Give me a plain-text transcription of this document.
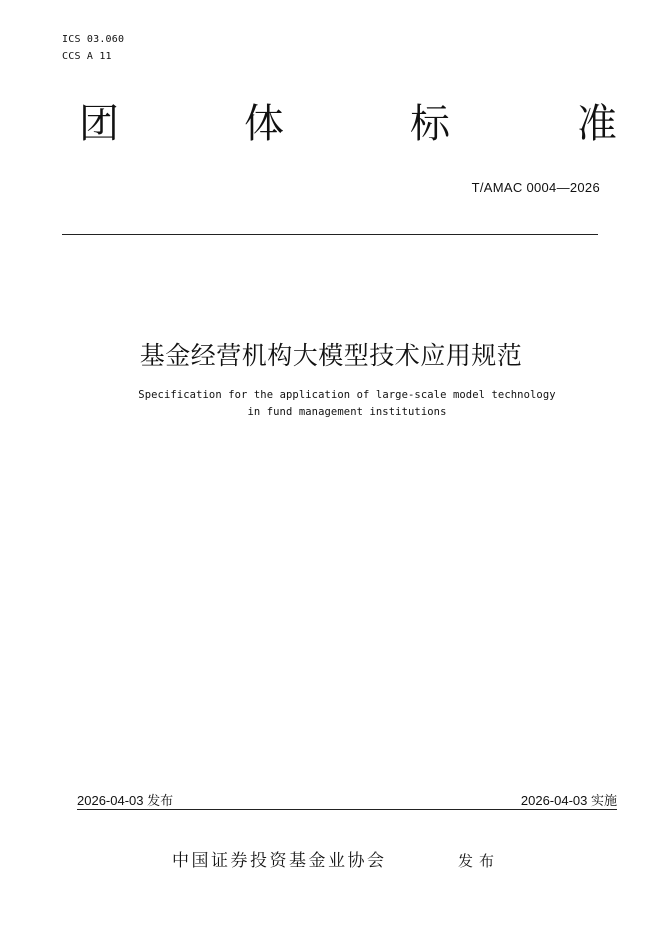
ICS 03.060
CCS A 11
团	体	标	准
T/AMAC 0004—2026
基金经营机构大模型技术应用规范
Specification for the application of large-scale model technology
in fund management institutions
2026-04-03 发布	2026-04-03 实施
中国证券投资基金业协会	发布
